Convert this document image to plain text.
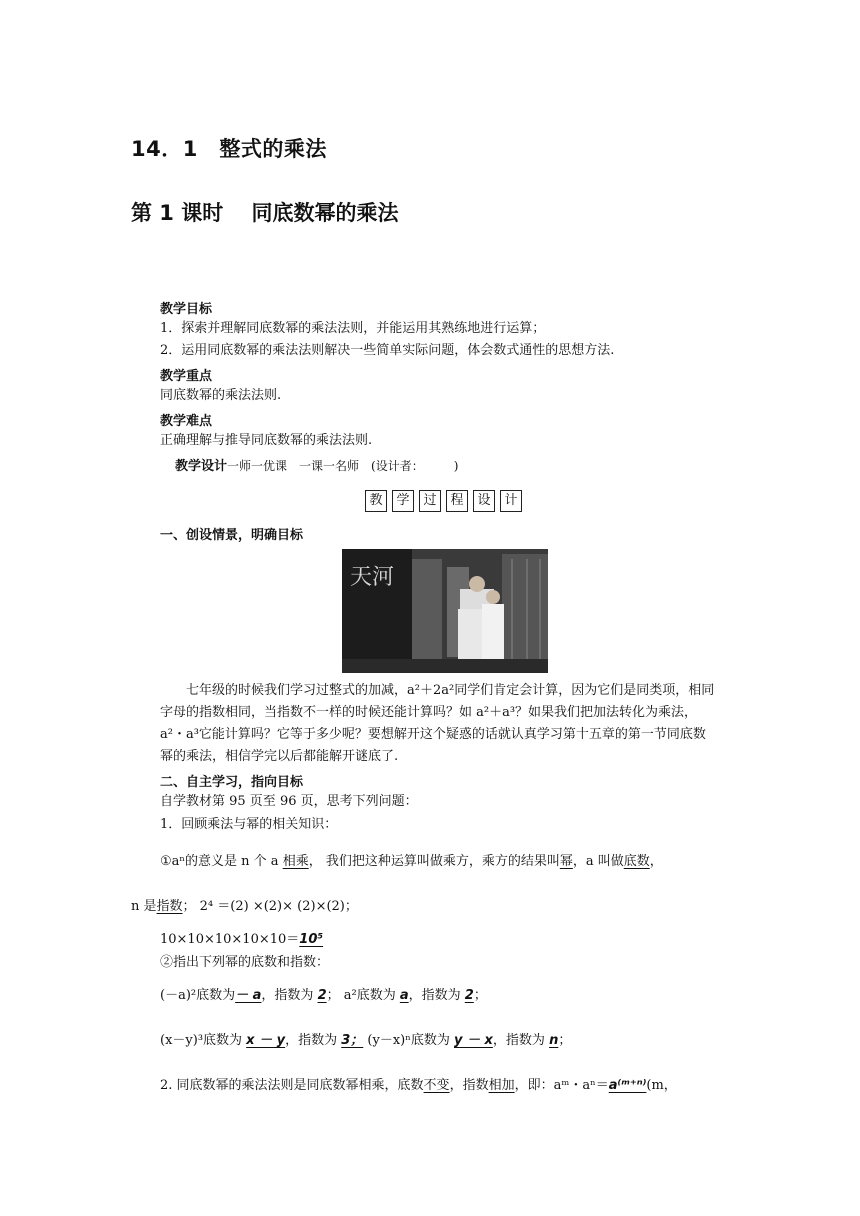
14．1　整式的乘法
第 1 课时　 同底数幂的乘法
教学目标
1．探索并理解同底数幂的乘法法则，并能运用其熟练地进行运算；
2．运用同底数幂的乘法法则解决一些简单实际问题，体会数式通性的思想方法.
教学重点
同底数幂的乘法法则.
教学难点
正确理解与推导同底数幂的乘法法则.
教学设计一师一优课　一课一名师　(设计者：　　　)
教	学	过	程	设	计
一、创设情景，明确目标
天河
七年级的时候我们学习过整式的加减，a²＋2a²同学们肯定会计算，因为它们是同类项，相同字母的指数相同，当指数不一样的时候还能计算吗？如 a²＋a³？如果我们把加法转化为乘法，a²・a³它能计算吗？它等于多少呢？要想解开这个疑惑的话就认真学习第十五章的第一节同底数幂的乘法，相信学完以后都能解开谜底了.
二、自主学习，指向目标
自学教材第 95 页至 96 页，思考下列问题：
1．回顾乘法与幂的相关知识：
①aⁿ的意义是 n 个 a 相乘， 我们把这种运算叫做乘方，乘方的结果叫幂，a 叫做底数，
n 是指数； 2⁴ ＝(2) ×(2)× (2)×(2)；
10×10×10×10×10＝10⁵
②指出下列幂的底数和指数：
(－a)²底数为－ a，指数为 2； a²底数为 a，指数为 2；
(x－y)³底数为 x － y，指数为 3； (y－x)ⁿ底数为 y － x，指数为 n；
2. 同底数幂的乘法法则是同底数幂相乘，底数不变，指数相加，即：aᵐ・aⁿ＝a⁽ᵐ⁺ⁿ⁾(m，
